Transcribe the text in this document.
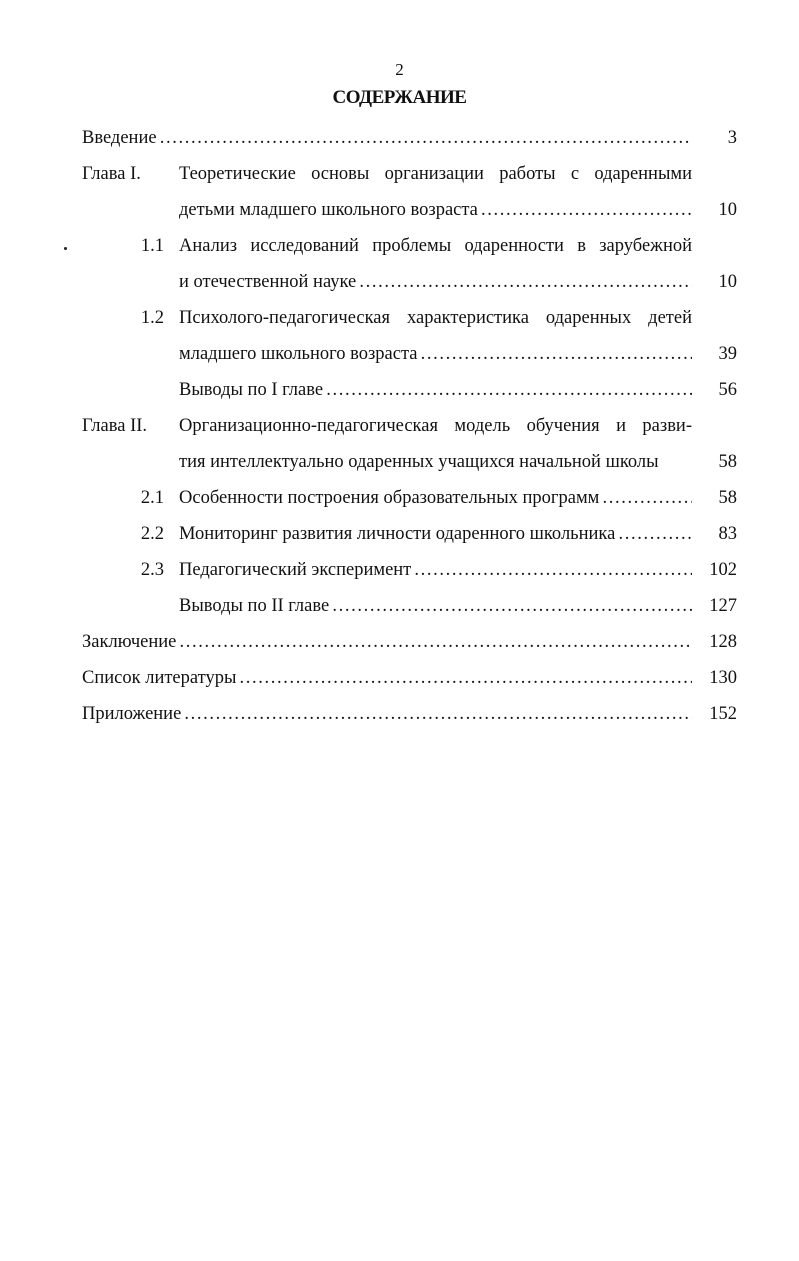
2
СОДЕРЖАНИЕ
Введение . . .	3
Глава I. Теоретические основы организации работы с одаренными
детьми младшего школьного возраста . . .	10
1.1 Анализ исследований проблемы одаренности в зарубежной
и отечественной науке . . .	10
1.2 Психолого-педагогическая характеристика одаренных детей
младшего школьного возраста . . .	39
Выводы по I главе . . .	56
Глава II. Организационно-педагогическая модель обучения и разви-
тия интеллектуально одаренных учащихся начальной школы	58
2.1 Особенности построения образовательных программ . . .	58
2.2 Мониторинг развития личности одаренного школьника . . .	83
2.3 Педагогический эксперимент . . .	102
Выводы по II главе . . .	127
Заключение . . .	128
Список литературы . . .	130
Приложение . . .	152
